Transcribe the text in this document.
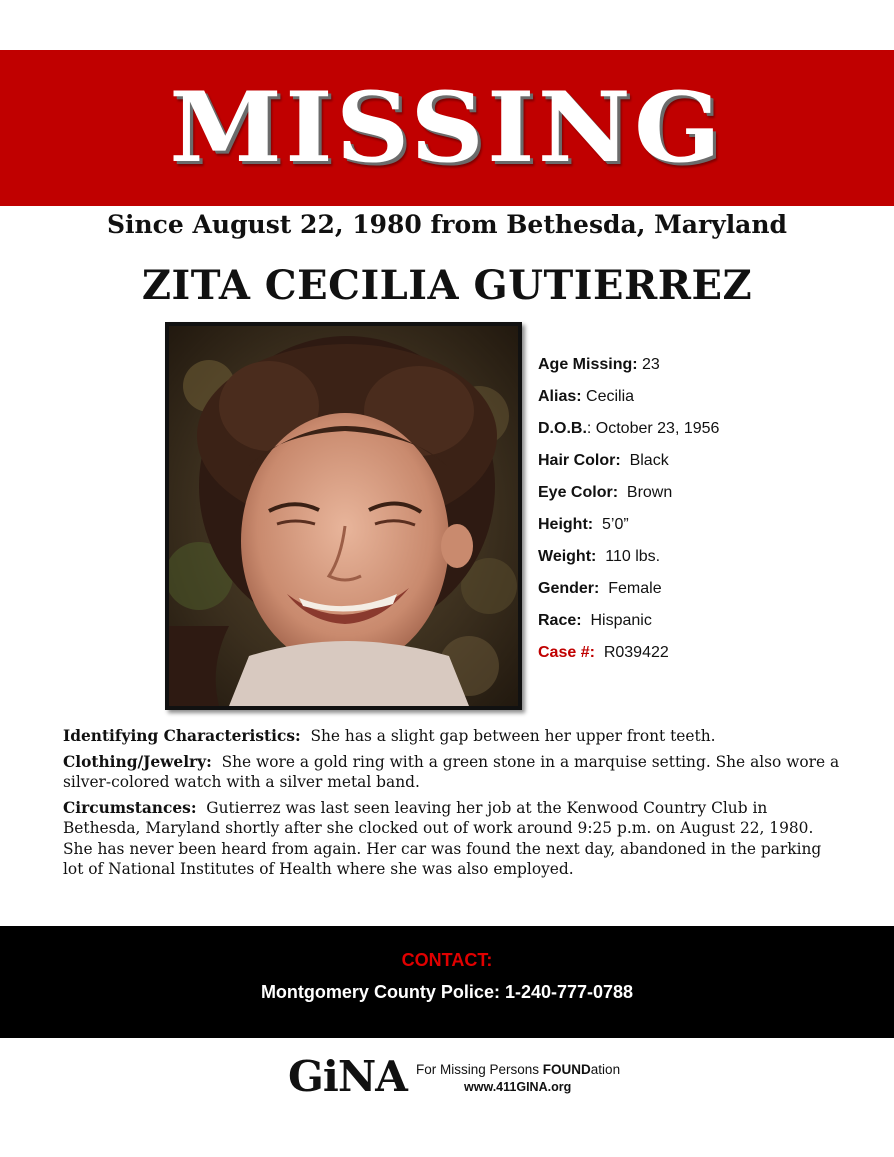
MISSING
Since August 22, 1980 from Bethesda, Maryland
ZITA CECILIA GUTIERREZ
Age Missing: 23
Alias: Cecilia
D.O.B.: October 23, 1956
Hair Color:  Black
Eye Color:  Brown
Height:  5’0”
Weight:  110 lbs.
Gender:  Female
Race:  Hispanic
Case #:  R039422

Identifying Characteristics:  She has a slight gap between her upper front teeth.

Clothing/Jewelry:  She wore a gold ring with a green stone in a marquise setting. She also wore a silver-colored watch with a silver metal band.

Circumstances:  Gutierrez was last seen leaving her job at the Kenwood Country Club in Bethesda, Maryland shortly after she clocked out of work around 9:25 p.m. on August 22, 1980. She has never been heard from again. Her car was found the next day, abandoned in the parking lot of National Institutes of Health where she was also employed.

CONTACT:
Montgomery County Police: 1-240-777-0788
GiNA For Missing Persons FOUNDation
www.411GINA.org
